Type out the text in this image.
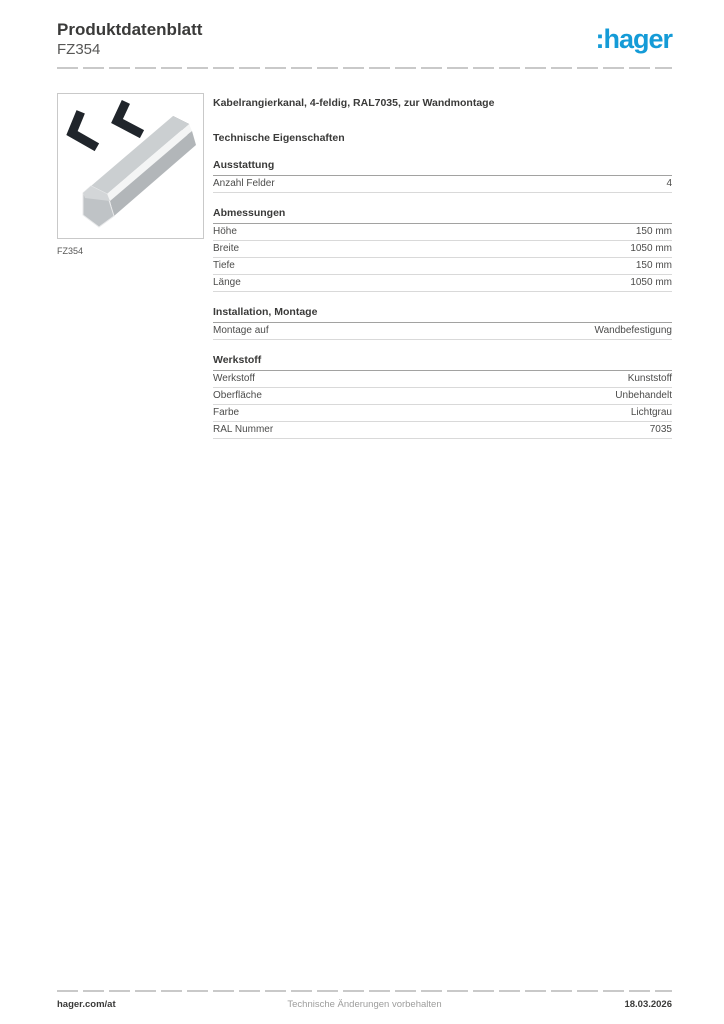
Produktdatenblatt
FZ354	:hager
FZ354
Kabelrangierkanal, 4-feldig, RAL7035, zur Wandmontage
Technische Eigenschaften
Ausstattung
Anzahl Felder	4
Abmessungen
Höhe	150 mm
Breite	1050 mm
Tiefe	150 mm
Länge	1050 mm
Installation, Montage
Montage auf	Wandbefestigung
Werkstoff
Werkstoff	Kunststoff
Oberfläche	Unbehandelt
Farbe	Lichtgrau
RAL Nummer	7035
hager.com/at	Technische Änderungen vorbehalten	18.03.2026
